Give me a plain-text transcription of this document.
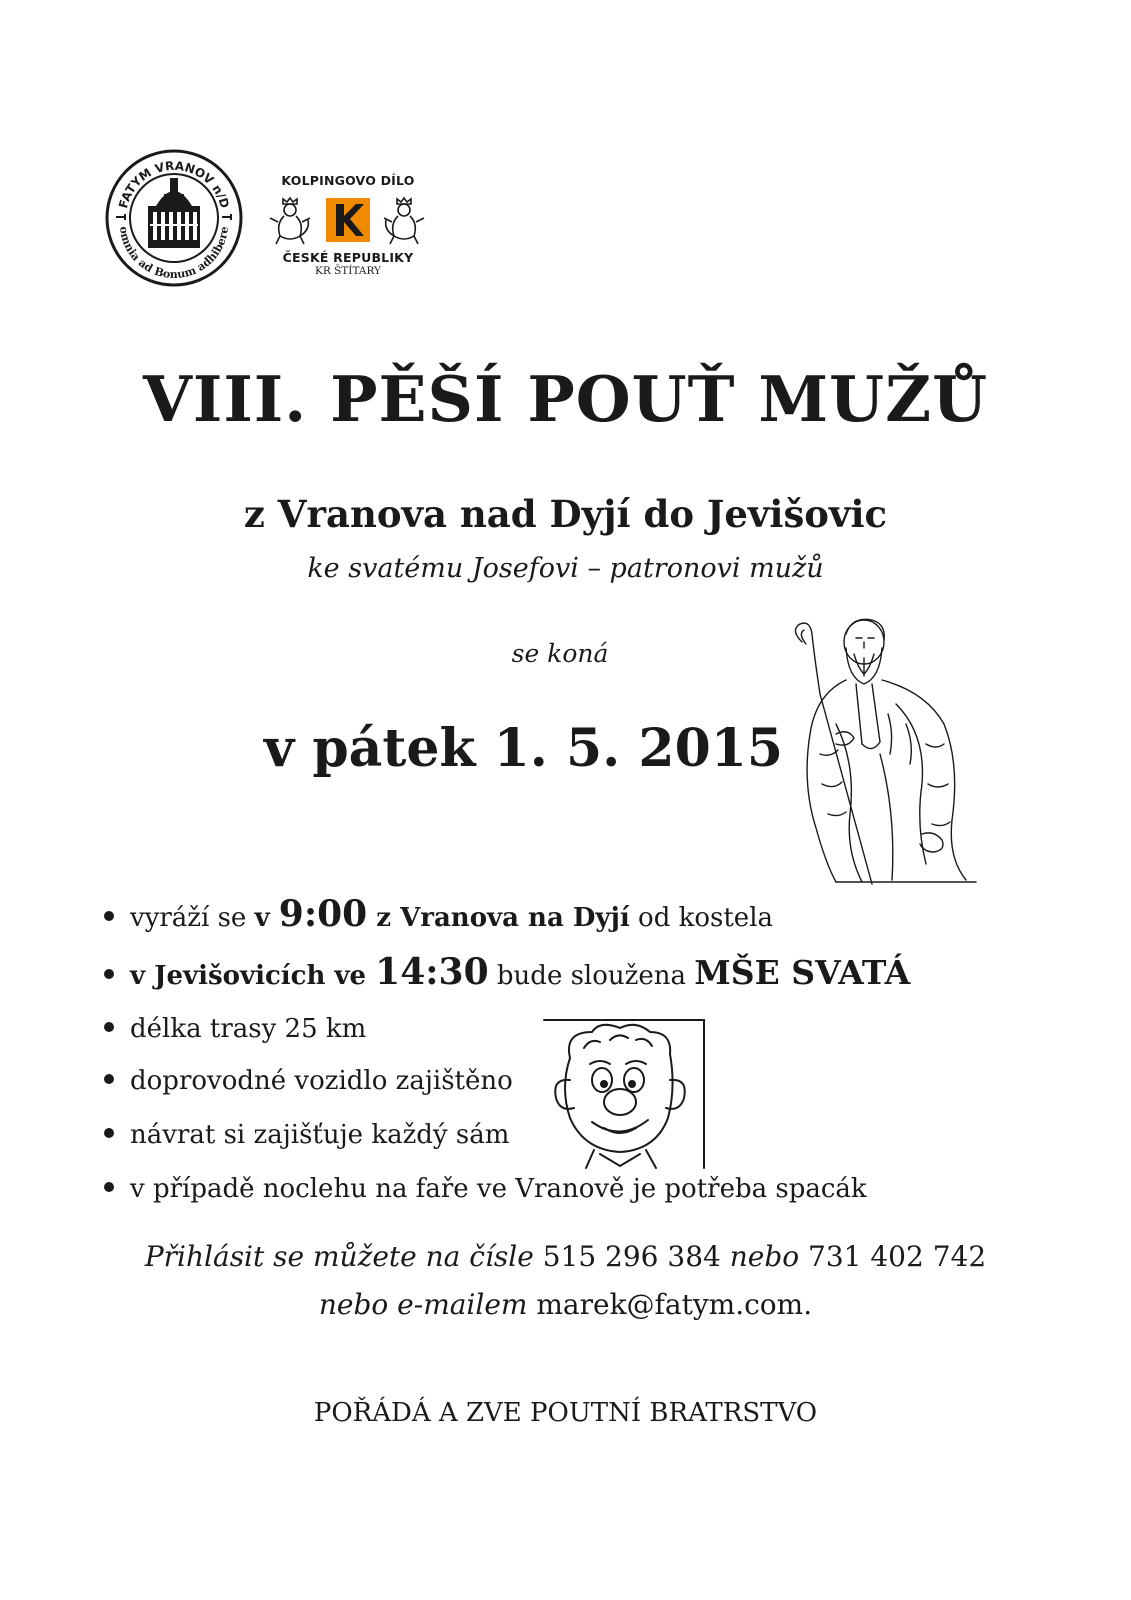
FATYM VRANOV n/D
omnia ad Bonum adhibere
KOLPINGOVO DÍLO
ČESKÉ REPUBLIKY
KR ŠTÍTARY
VIII. PĚŠÍ POUŤ MUŽŮ
z Vranova nad Dyjí do Jevišovic
ke svatému Josefovi – patronovi mužů
se koná
v pátek 1. 5. 2015
vyráží se v 9:00 z Vranova na Dyjí od kostela
v Jevišovicích ve 14:30 bude sloužena MŠE SVATÁ
délka trasy 25 km
doprovodné vozidlo zajištěno
návrat si zajišťuje každý sám
v případě noclehu na faře ve Vranově je potřeba spacák
Přihlásit se můžete na čísle 515 296 384 nebo 731 402 742
nebo e-mailem marek@fatym.com.
POŘÁDÁ A ZVE POUTNÍ BRATRSTVO
